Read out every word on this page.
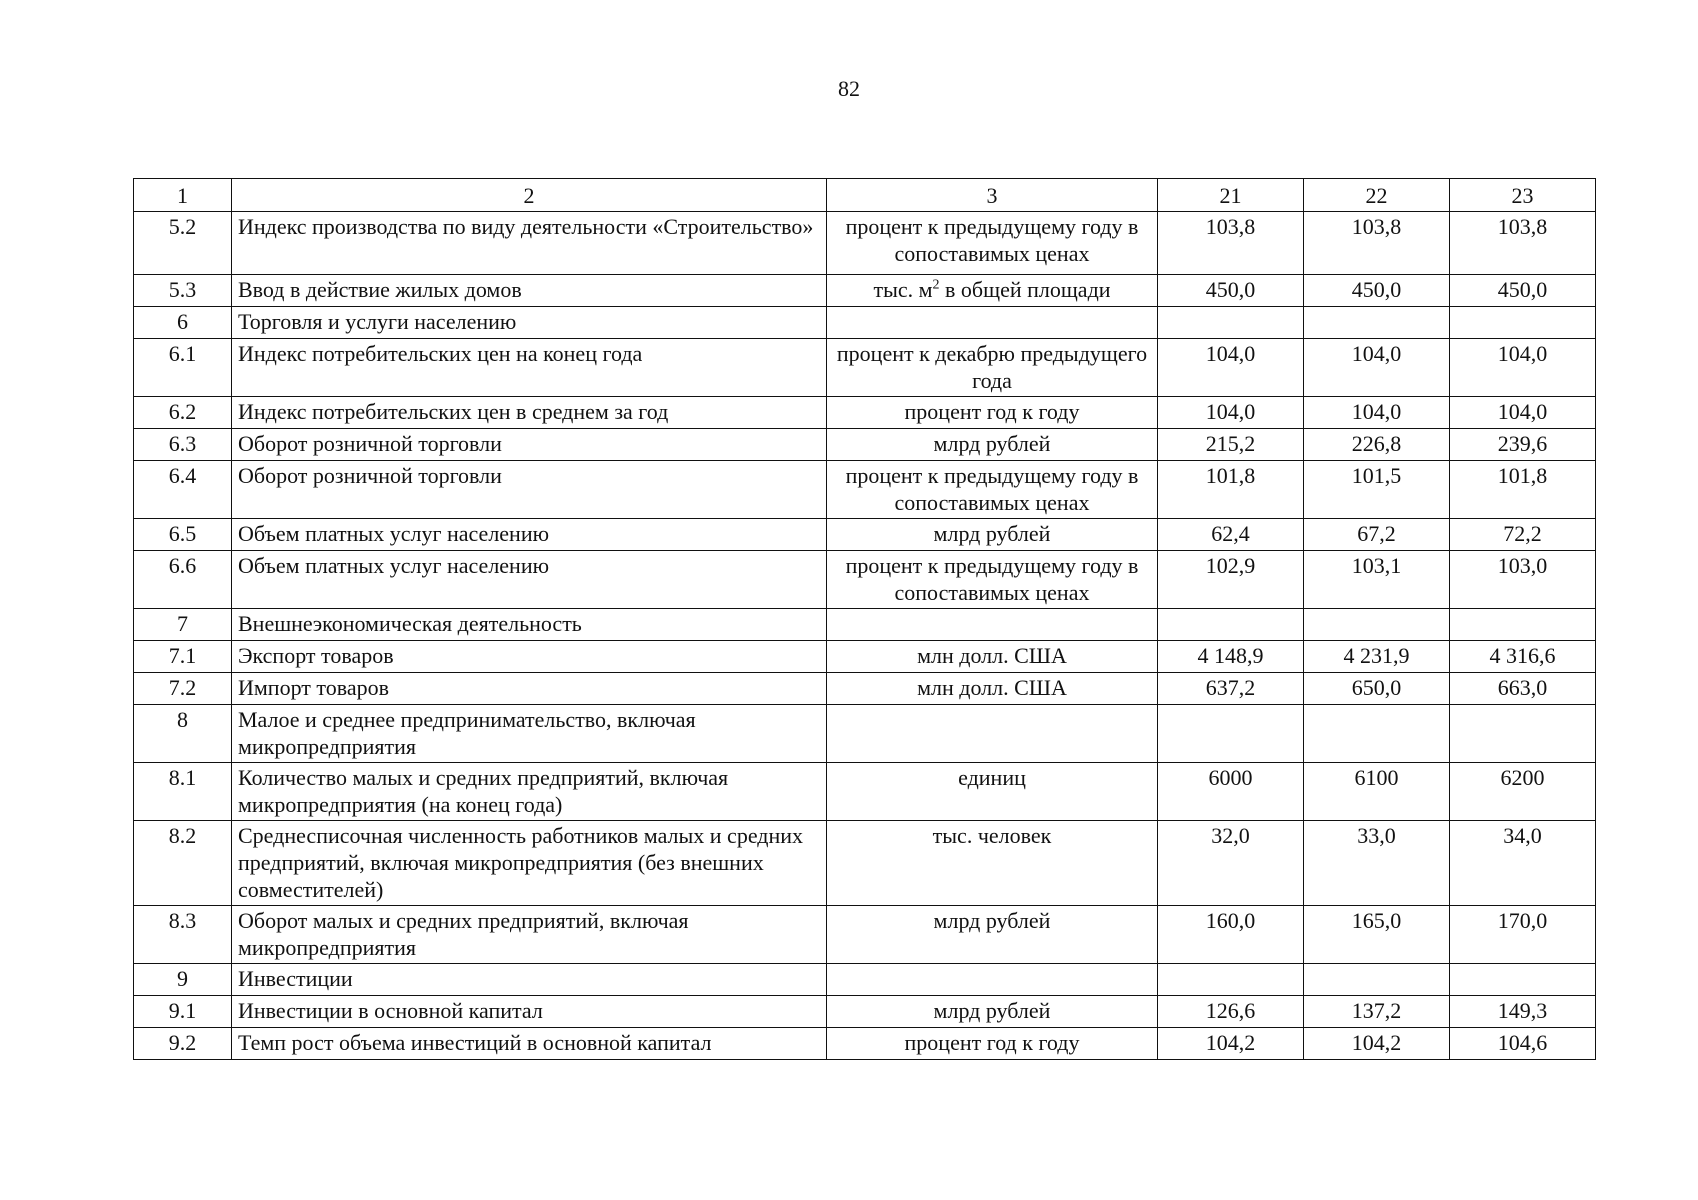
82
1	2	3	21	22	23
5.2	Индекс производства по виду деятельности «Строительство»	процент к предыдущему году в сопоставимых ценах	103,8	103,8	103,8
5.3	Ввод в действие жилых домов	тыс. $м^2$ в общей площади	450,0	450,0	450,0
6	Торговля и услуги населению				
6.1	Индекс потребительских цен на конец года	процент к декабрю предыдущего года	104,0	104,0	104,0
6.2	Индекс потребительских цен в среднем за год	процент год к году	104,0	104,0	104,0
6.3	Оборот розничной торговли	млрд рублей	215,2	226,8	239,6
6.4	Оборот розничной торговли	процент к предыдущему году в сопоставимых ценах	101,8	101,5	101,8
6.5	Объем платных услуг населению	млрд рублей	62,4	67,2	72,2
6.6	Объем платных услуг населению	процент к предыдущему году в сопоставимых ценах	102,9	103,1	103,0
7	Внешнеэкономическая деятельность				
7.1	Экспорт товаров	млн долл. США	4 148,9	4 231,9	4 316,6
7.2	Импорт товаров	млн долл. США	637,2	650,0	663,0
8	Малое и среднее предпринимательство, включая микропредприятия				
8.1	Количество малых и средних предприятий, включая микропредприятия (на конец года)	единиц	6000	6100	6200
8.2	Среднесписочная численность работников малых и средних предприятий, включая микропредприятия (без внешних совместителей)	тыс. человек	32,0	33,0	34,0
8.3	Оборот малых и средних предприятий, включая микропредприятия	млрд рублей	160,0	165,0	170,0
9	Инвестиции				
9.1	Инвестиции в основной капитал	млрд рублей	126,6	137,2	149,3
9.2	Темп рост объема инвестиций в основной капитал	процент год к году	104,2	104,2	104,6
